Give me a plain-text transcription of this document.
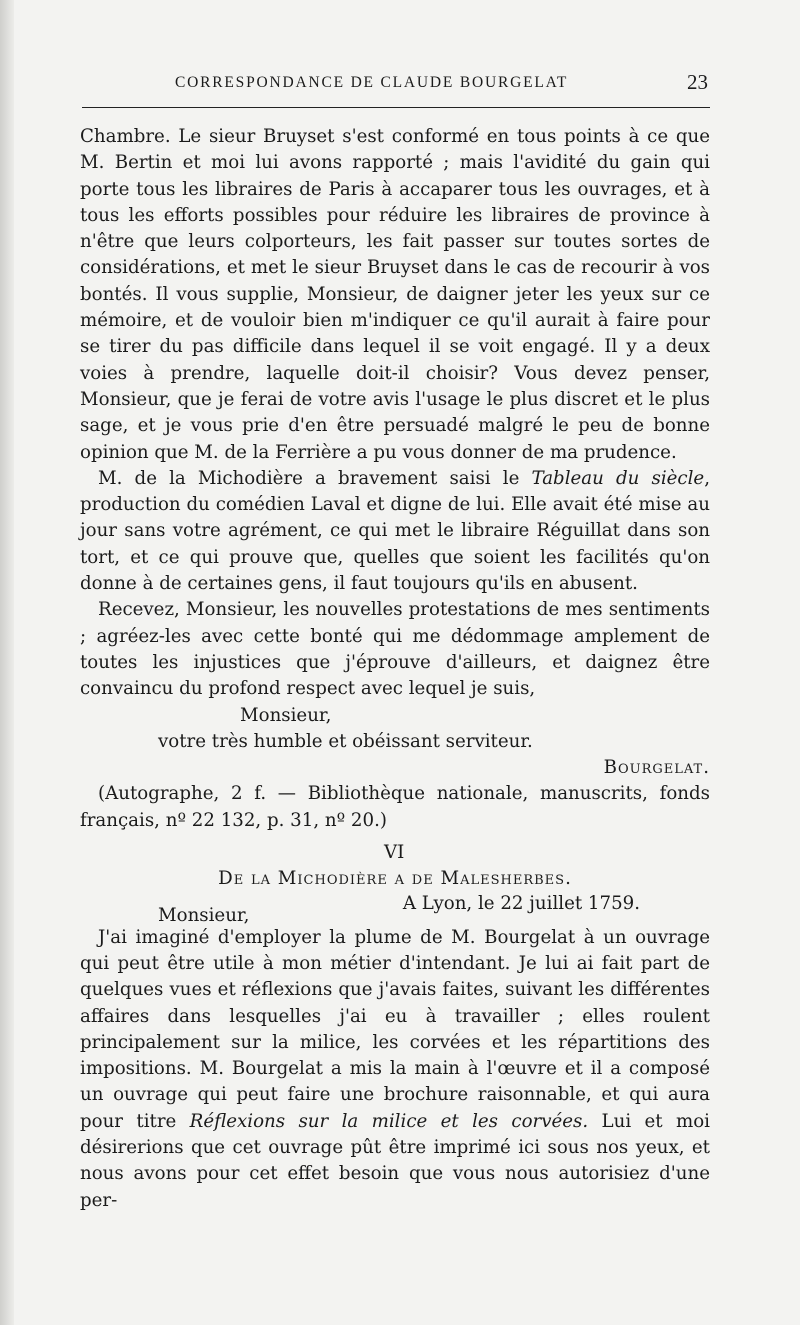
CORRESPONDANCE DE CLAUDE BOURGELAT	23

Chambre. Le sieur Bruyset s'est conformé en tous points à ce que M. Bertin et moi lui avons rapporté ; mais l'avidité du gain qui porte tous les libraires de Paris à accaparer tous les ouvrages, et à tous les efforts possibles pour réduire les libraires de province à n'être que leurs colporteurs, les fait passer sur toutes sortes de considérations, et met le sieur Bruyset dans le cas de recourir à vos bontés. Il vous supplie, Monsieur, de daigner jeter les yeux sur ce mémoire, et de vouloir bien m'indiquer ce qu'il aurait à faire pour se tirer du pas difficile dans lequel il se voit engagé. Il y a deux voies à prendre, laquelle doit-il choisir? Vous devez penser, Monsieur, que je ferai de votre avis l'usage le plus discret et le plus sage, et je vous prie d'en être persuadé malgré le peu de bonne opinion que M. de la Ferrière a pu vous donner de ma prudence.

M. de la Michodière a bravement saisi le Tableau du siècle, production du comédien Laval et digne de lui. Elle avait été mise au jour sans votre agrément, ce qui met le libraire Réguillat dans son tort, et ce qui prouve que, quelles que soient les facilités qu'on donne à de certaines gens, il faut toujours qu'ils en abusent.

Recevez, Monsieur, les nouvelles protestations de mes sentiments ; agréez-les avec cette bonté qui me dédommage amplement de toutes les injustices que j'éprouve d'ailleurs, et daignez être convaincu du profond respect avec lequel je suis,

Monsieur,

votre très humble et obéissant serviteur.

Bourgelat.

(Autographe, 2 f. — Bibliothèque nationale, manuscrits, fonds français, nº 22 132, p. 31, nº 20.)

VI

De la Michodière a de Malesherbes.

A Lyon, le 22 juillet 1759.
Monsieur,

J'ai imaginé d'employer la plume de M. Bourgelat à un ouvrage qui peut être utile à mon métier d'intendant. Je lui ai fait part de quelques vues et réflexions que j'avais faites, suivant les différentes affaires dans lesquelles j'ai eu à travailler ; elles roulent principalement sur la milice, les corvées et les répartitions des impositions. M. Bourgelat a mis la main à l'œuvre et il a composé un ouvrage qui peut faire une brochure raisonnable, et qui aura pour titre Réflexions sur la milice et les corvées. Lui et moi désirerions que cet ouvrage pût être imprimé ici sous nos yeux, et nous avons pour cet effet besoin que vous nous autorisiez d'une per-
